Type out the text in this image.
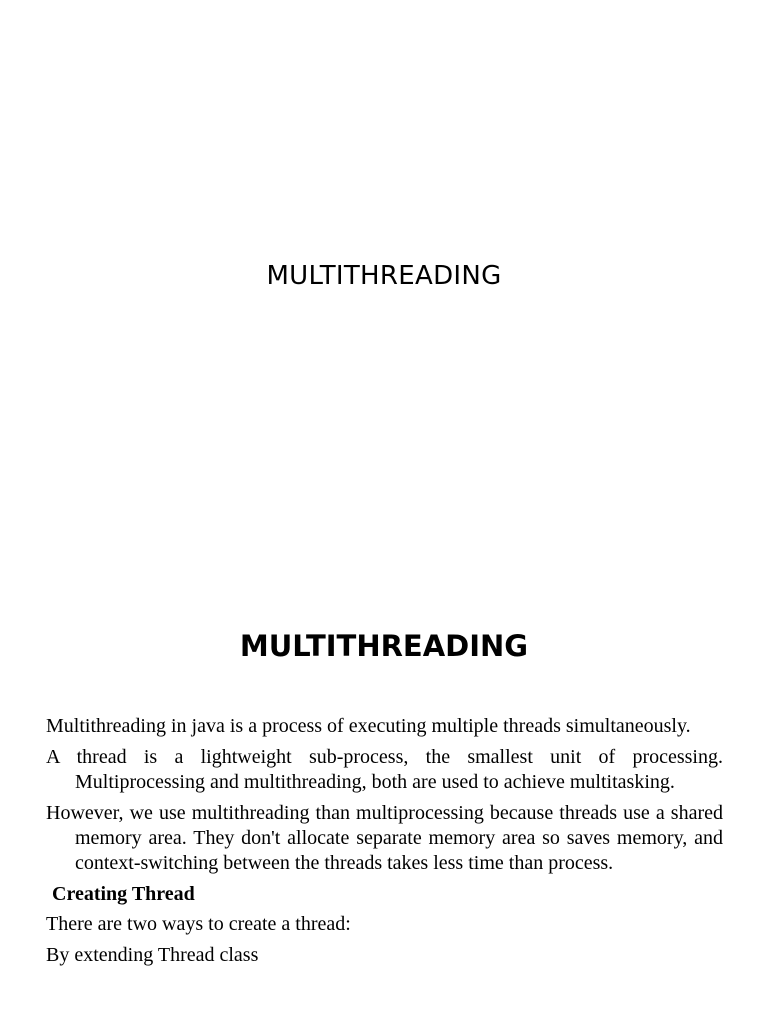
MULTITHREADING
MULTITHREADING

Multithreading in java is a process of executing multiple threads simultaneously.

A thread is a lightweight sub-process, the smallest unit of processing. Multiprocessing and multithreading, both are used to achieve multitasking.

However, we use multithreading than multiprocessing because threads use a shared memory area. They don't allocate separate memory area so saves memory, and context-switching between the threads takes less time than process.

Creating Thread

There are two ways to create a thread:

By extending Thread class
